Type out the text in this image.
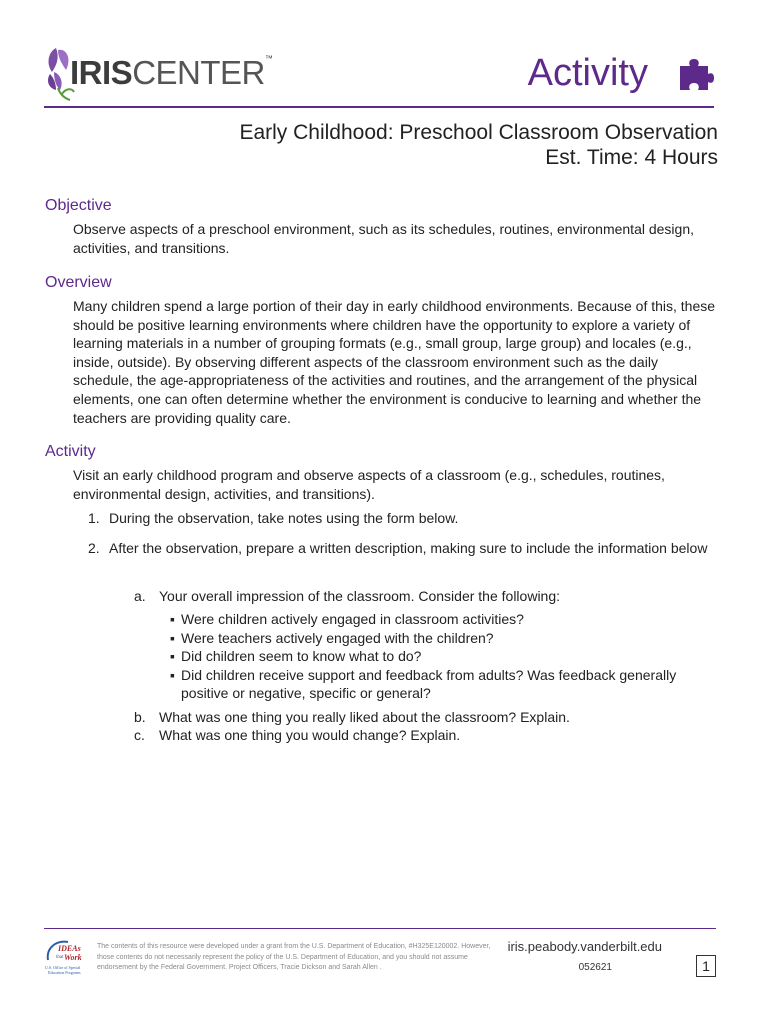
IRISCENTER™	Activity
Early Childhood: Preschool Classroom Observation
Est. Time: 4 Hours
Objective

Observe aspects of a preschool environment, such as its schedules, routines, environmental design, activities, and transitions.

Overview

Many children spend a large portion of their day in early childhood environments. Because of this, these should be positive learning environments where children have the opportunity to explore a variety of learning materials in a number of grouping formats (e.g., small group, large group) and locales (e.g., inside, outside). By observing different aspects of the classroom environment such as the daily schedule, the age-appropriateness of the activities and routines, and the arrangement of the physical elements, one can often determine whether the environment is conducive to learning and whether the teachers are providing quality care.

Activity

Visit an early childhood program and observe aspects of a classroom (e.g., schedules, routines, environmental design, activities, and transitions).

1. During the observation, take notes using the form below.
2. After the observation, prepare a written description, making sure to include the information below
a. Your overall impression of the classroom. Consider the following:
▪ Were children actively engaged in classroom activities?
▪ Were teachers actively engaged with the children?
▪ Did children seem to know what to do?
▪ Did children receive support and feedback from adults? Was feedback generally positive or negative, specific or general?
b. What was one thing you really liked about the classroom? Explain.
c. What was one thing you would change? Explain.
IDEAs
that Work
U.S. Office of Special
Education Programs
The contents of this resource were developed under a grant from the U.S. Department of Education, #H325E120002. However, those contents do not necessarily represent the policy of the U.S. Department of Education, and you should not assume endorsement by the Federal Government. Project Officers, Tracie Dickson and Sarah Allen .
iris.peabody.vanderbilt.edu
052621	1
